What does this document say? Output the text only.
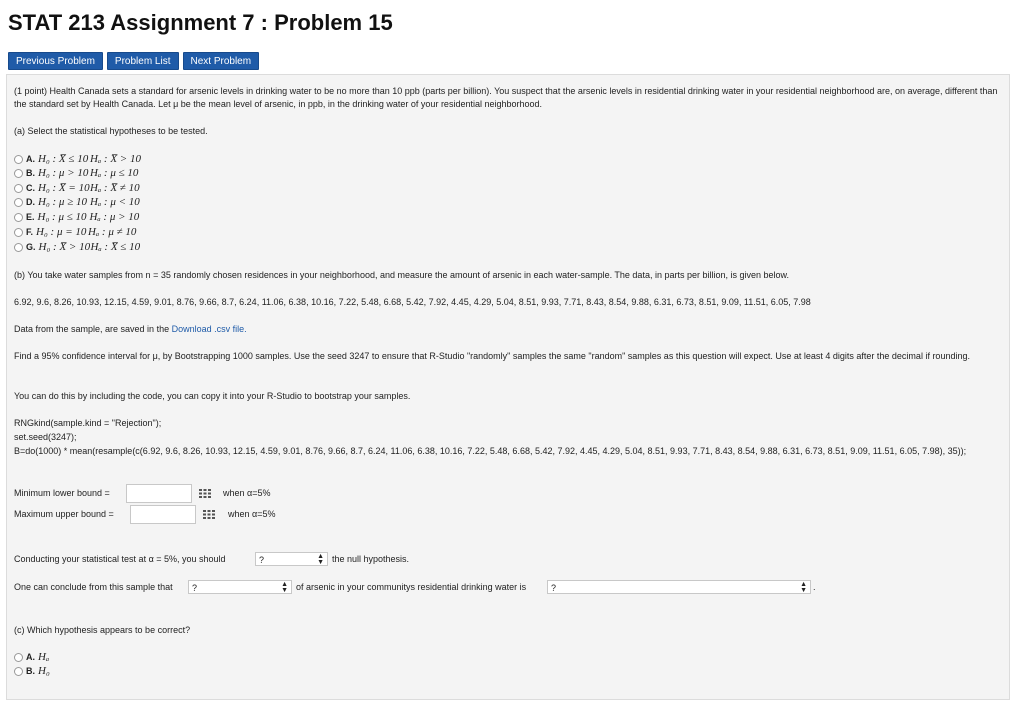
STAT 213 Assignment 7 : Problem 15
Previous Problem	Problem List	Next Problem
(1 point) Health Canada sets a standard for arsenic levels in drinking water to be no more than 10 ppb (parts per billion). You suspect that the arsenic levels in residential drinking water in your residential neighborhood are, on average, different than the standard set by Health Canada. Let μ be the mean level of arsenic, in ppb, in the drinking water of your residential neighborhood.
(a) Select the statistical hypotheses to be tested.
A. H₀ : X̅ ≤ 10 Hₐ : X̅ > 10
B. H₀ : μ > 10 Hₐ : μ ≤ 10
C. H₀ : X̅ = 10 Hₐ : X̅ ≠ 10
D. H₀ : μ ≥ 10 Hₐ : μ < 10
E. H₀ : μ ≤ 10 Hₐ : μ > 10
F. H₀ : μ = 10 Hₐ : μ ≠ 10
G. H₀ : X̅ > 10 Hₐ : X̅ ≤ 10
(b) You take water samples from n = 35 randomly chosen residences in your neighborhood, and measure the amount of arsenic in each water-sample. The data, in parts per billion, is given below.
6.92, 9.6, 8.26, 10.93, 12.15, 4.59, 9.01, 8.76, 9.66, 8.7, 6.24, 11.06, 6.38, 10.16, 7.22, 5.48, 6.68, 5.42, 7.92, 4.45, 4.29, 5.04, 8.51, 9.93, 7.71, 8.43, 8.54, 9.88, 6.31, 6.73, 8.51, 9.09, 11.51, 6.05, 7.98
Data from the sample, are saved in the Download .csv file.
Find a 95% confidence interval for μ, by Bootstrapping 1000 samples. Use the seed 3247 to ensure that R-Studio "randomly" samples the same "random" samples as this question will expect. Use at least 4 digits after the decimal if rounding.
You can do this by including the code, you can copy it into your R-Studio to bootstrap your samples.
RNGkind(sample.kind = "Rejection");
set.seed(3247);
B=do(1000) * mean(resample(c(6.92, 9.6, 8.26, 10.93, 12.15, 4.59, 9.01, 8.76, 9.66, 8.7, 6.24, 11.06, 6.38, 10.16, 7.22, 5.48, 6.68, 5.42, 7.92, 4.45, 4.29, 5.04, 8.51, 9.93, 7.71, 8.43, 8.54, 9.88, 6.31, 6.73, 8.51, 9.09, 11.51, 6.05, 7.98), 35));
Minimum lower bound =	when α=5%
Maximum upper bound =	when α=5%
Conducting your statistical test at α = 5%, you should	?	▲
▼ the null hypothesis.
One can conclude from this sample that	?	▲
▼ of arsenic in your communitys residential drinking water is	?	▲
▼ .
(c) Which hypothesis appears to be correct?
A. Hₐ
B. H₀
